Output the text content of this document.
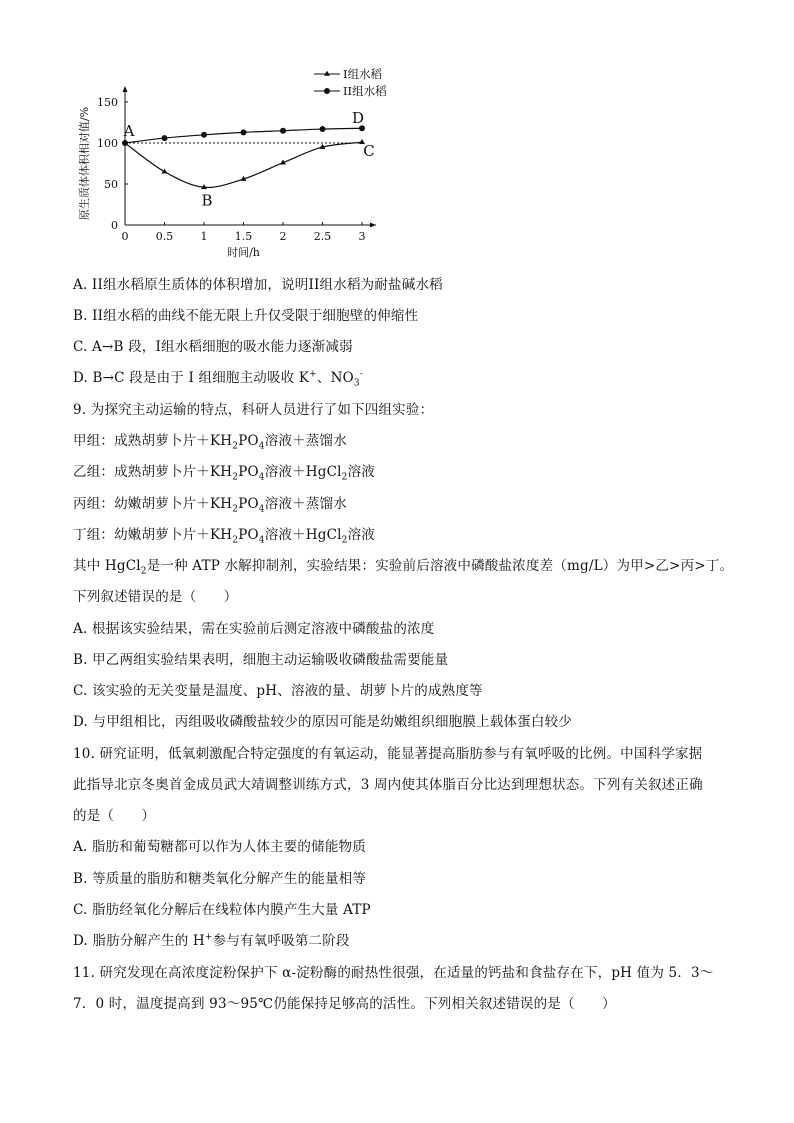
0 0.5 1 1.5 2 2.5 3
0
50
100
150
时间/h
原生质体体积相对值/%
I组水稻
II组水稻
A
B
C
D
A. II组水稻原生质体的体积增加，说明II组水稻为耐盐碱水稻
B. II组水稻的曲线不能无限上升仅受限于细胞壁的伸缩性
C. A→B 段，I组水稻细胞的吸水能力逐渐减弱
D. B→C 段是由于 I 组细胞主动吸收 K+、$NO_3^-$
9. 为探究主动运输的特点，科研人员进行了如下四组实验：
甲组：成熟胡萝卜片$+KH_2PO_4$溶液＋蒸馏水
乙组：成熟胡萝卜片$+KH_2PO_4$溶液＋HgCl$_2$溶液
丙组：幼嫩胡萝卜片$+KH_2PO_4$溶液＋蒸馏水
丁组：幼嫩胡萝卜片$+KH_2PO_4$溶液＋HgCl$_2$溶液
其中 HgCl$_2$是一种 ATP 水解抑制剂，实验结果：实验前后溶液中磷酸盐浓度差（mg/L）为甲>乙>丙>丁。
下列叙述错误的是（　　）
A. 根据该实验结果，需在实验前后测定溶液中磷酸盐的浓度
B. 甲乙两组实验结果表明，细胞主动运输吸收磷酸盐需要能量
C. 该实验的无关变量是温度、pH、溶液的量、胡萝卜片的成熟度等
D. 与甲组相比，丙组吸收磷酸盐较少的原因可能是幼嫩组织细胞膜上载体蛋白较少
10. 研究证明，低氧刺激配合特定强度的有氧运动，能显著提高脂肪参与有氧呼吸的比例。中国科学家据
此指导北京冬奥首金成员武大靖调整训练方式，3 周内使其体脂百分比达到理想状态。下列有关叙述正确
的是（　　）
A. 脂肪和葡萄糖都可以作为人体主要的储能物质
B. 等质量的脂肪和糖类氧化分解产生的能量相等
C. 脂肪经氧化分解后在线粒体内膜产生大量 ATP
D. 脂肪分解产生的 H+参与有氧呼吸第二阶段
11. 研究发现在高浓度淀粉保护下 α-淀粉酶的耐热性很强，在适量的钙盐和食盐存在下，pH 值为 5．3～
7．0 时，温度提高到 93～95℃仍能保持足够高的活性。下列相关叙述错误的是（　　）
